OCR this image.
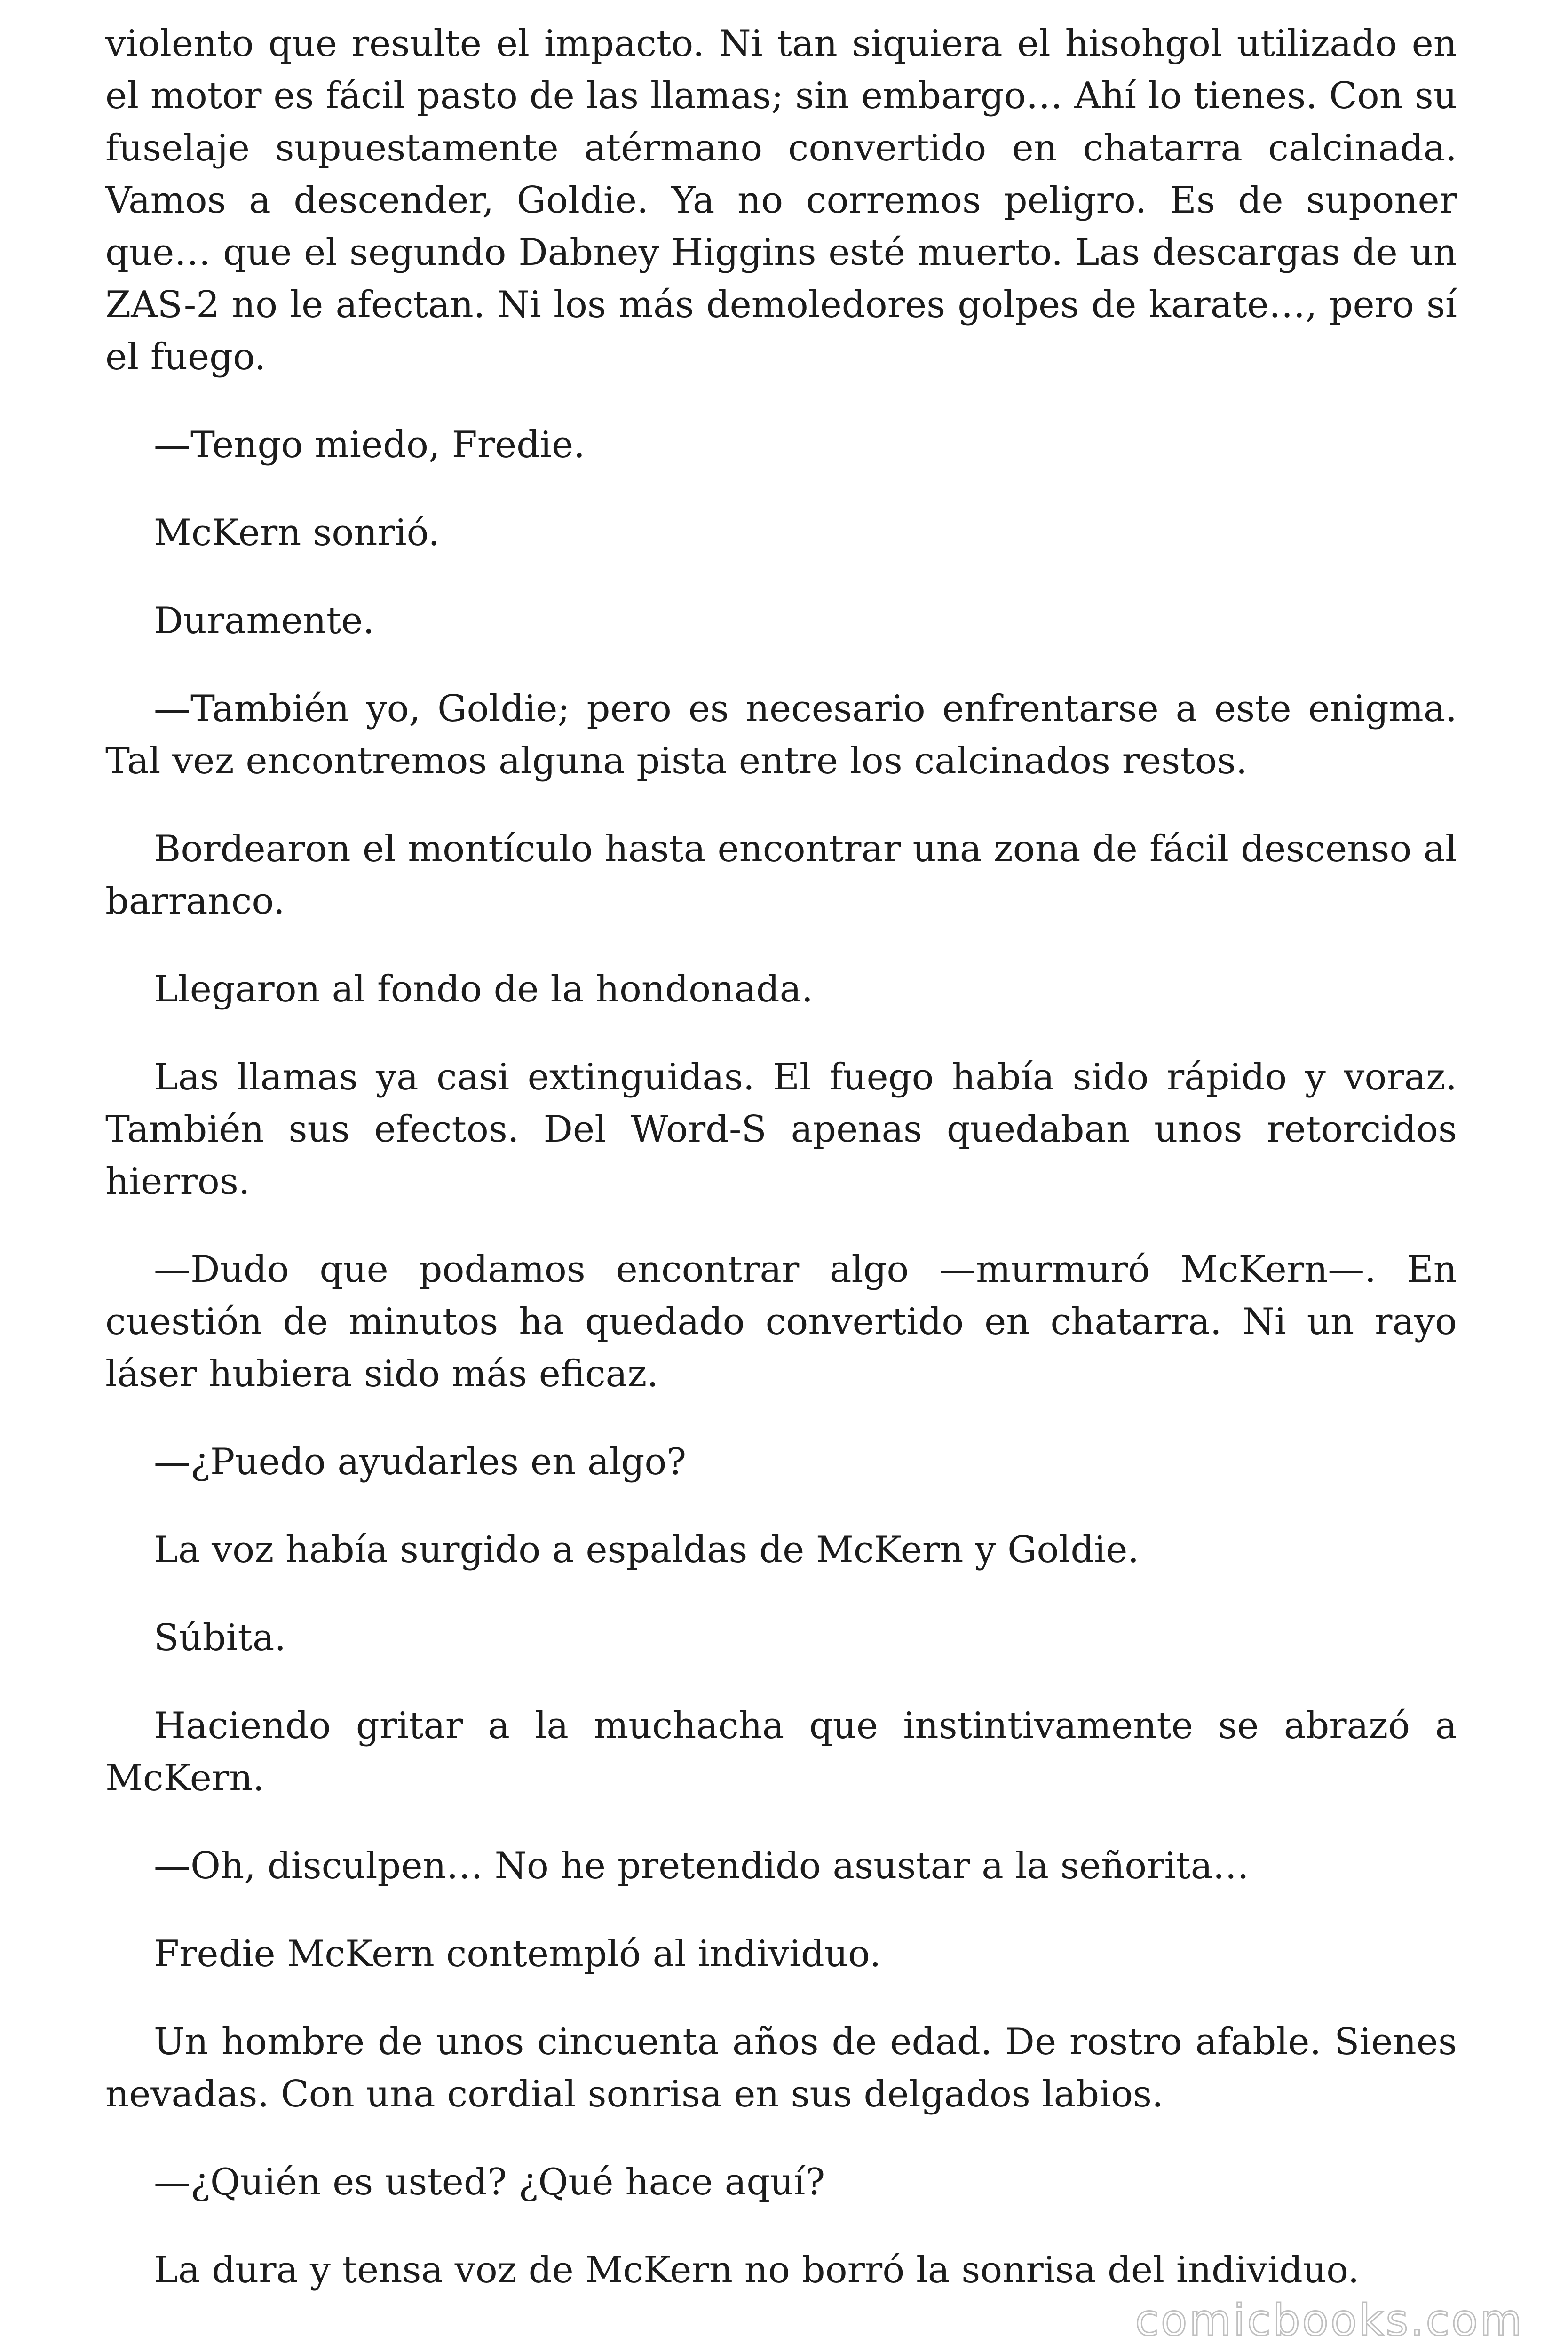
violento que resulte el impacto. Ni tan siquiera el hisohgol utilizado en el motor es fácil pasto de las llamas; sin embargo… Ahí lo tienes. Con su fuselaje supuestamente atérmano convertido en chatarra calcinada. Vamos a descender, Goldie. Ya no corremos peligro. Es de suponer que… que el segundo Dabney Higgins esté muerto. Las descargas de un ZAS-2 no le afectan. Ni los más demoledores golpes de karate…, pero sí el fuego.

—Tengo miedo, Fredie.

McKern sonrió.

Duramente.

—También yo, Goldie; pero es necesario enfrentarse a este enigma. Tal vez encontremos alguna pista entre los calcinados restos.

Bordearon el montículo hasta encontrar una zona de fácil descenso al barranco.

Llegaron al fondo de la hondonada.

Las llamas ya casi extinguidas. El fuego había sido rápido y voraz. También sus efectos. Del Word-S apenas quedaban unos retorcidos hierros.

—Dudo que podamos encontrar algo —murmuró McKern—. En cuestión de minutos ha quedado convertido en chatarra. Ni un rayo láser hubiera sido más eficaz.

—¿Puedo ayudarles en algo?

La voz había surgido a espaldas de McKern y Goldie.

Súbita.

Haciendo gritar a la muchacha que instintivamente se abrazó a McKern.

—Oh, disculpen… No he pretendido asustar a la señorita…

Fredie McKern contempló al individuo.

Un hombre de unos cincuenta años de edad. De rostro afable. Sienes nevadas. Con una cordial sonrisa en sus delgados labios.

—¿Quién es usted? ¿Qué hace aquí?

La dura y tensa voz de McKern no borró la sonrisa del individuo.

comicbooks.com
